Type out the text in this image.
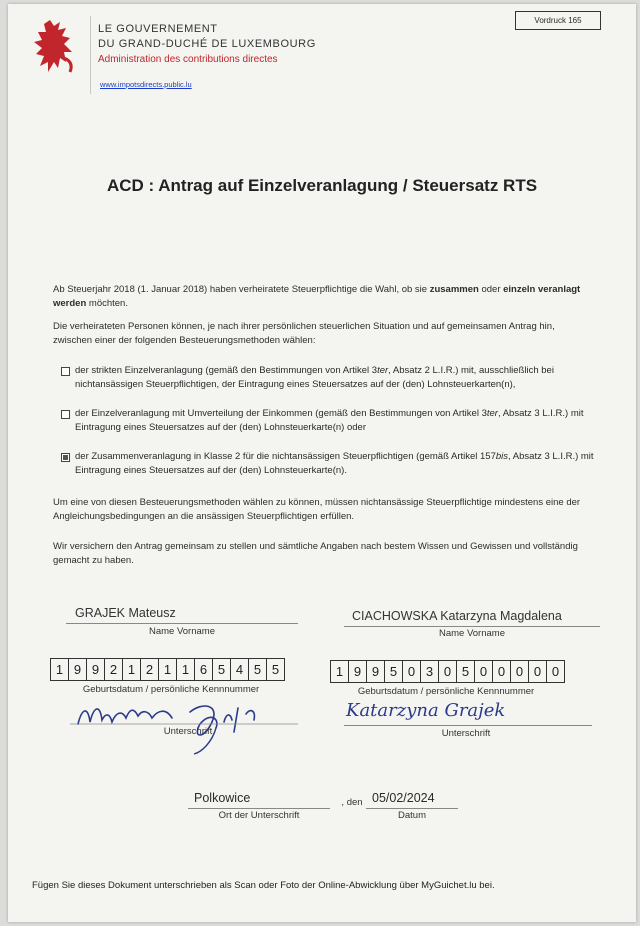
LE GOUVERNEMENT
DU GRAND-DUCHÉ DE LUXEMBOURG
Administration des contributions directes
www.impotsdirects.public.lu
Vordruck 165
ACD : Antrag auf Einzelveranlagung / Steuersatz RTS
Ab Steuerjahr 2018 (1. Januar 2018) haben verheiratete Steuerpflichtige die Wahl, ob sie zusammen oder einzeln veranlagt werden möchten.
Die verheirateten Personen können, je nach ihrer persönlichen steuerlichen Situation und auf gemeinsamen Antrag hin, zwischen einer der folgenden Besteuerungsmethoden wählen:
der strikten Einzelveranlagung (gemäß den Bestimmungen von Artikel 3ter, Absatz 2 L.I.R.) mit, ausschließlich bei nichtansässigen Steuerpflichtigen, der Eintragung eines Steuersatzes auf der (den) Lohnsteuerkarten(n),
der Einzelveranlagung mit Umverteilung der Einkommen (gemäß den Bestimmungen von Artikel 3ter, Absatz 3 L.I.R.) mit Eintragung eines Steuersatzes auf der (den) Lohnsteuerkarte(n) oder
der Zusammenveranlagung in Klasse 2 für die nichtansässigen Steuerpflichtigen (gemäß Artikel 157bis, Absatz 3 L.I.R.) mit Eintragung eines Steuersatzes auf der (den) Lohnsteuerkarte(n).
Um eine von diesen Besteuerungsmethoden wählen zu können, müssen nichtansässige Steuerpflichtige mindestens eine der Angleichungsbedingungen an die ansässigen Steuerpflichtigen erfüllen.
Wir versichern den Antrag gemeinsam zu stellen und sämtliche Angaben nach bestem Wissen und Gewissen und vollständig gemacht zu haben.
GRAJEK Mateusz
Name Vorname
1 9 9 2 1 2 1 1 6 5 4 5 5
Geburtsdatum / persönliche Kennnummer
Unterschrift
CIACHOWSKA Katarzyna Magdalena
Name Vorname
1 9 9 5 0 3 0 5 0 0 0 0 0
Geburtsdatum / persönliche Kennnummer
Katarzyna Grajek
Unterschrift
Polkowice
Ort der Unterschrift
, den 05/02/2024
Datum
Fügen Sie dieses Dokument unterschrieben als Scan oder Foto der Online-Abwicklung über MyGuichet.lu bei.
